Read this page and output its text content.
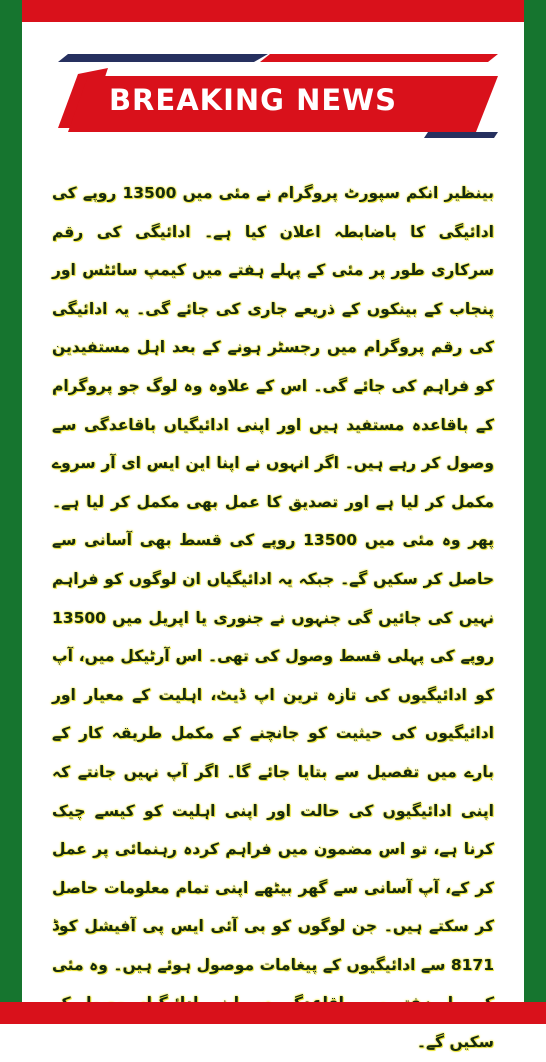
BREAKING NEWS
بینظیر انکم سپورٹ پروگرام نے مئی میں 13500 روپے کی ادائیگی کا باضابطہ اعلان کیا ہے۔ ادائیگی کی رقم سرکاری طور پر مئی کے پہلے ہفتے میں کیمپ سائٹس اور پنجاب کے بینکوں کے ذریعے جاری کی جائے گی۔ یہ ادائیگی کی رقم پروگرام میں رجسٹر ہونے کے بعد اہل مستفیدین کو فراہم کی جائے گی۔ اس کے علاوہ وہ لوگ جو پروگرام کے باقاعدہ مستفید ہیں اور اپنی ادائیگیاں باقاعدگی سے وصول کر رہے ہیں۔ اگر انہوں نے اپنا این ایس ای آر سروے مکمل کر لیا ہے اور تصدیق کا عمل بھی مکمل کر لیا ہے۔ پھر وہ مئی میں 13500 روپے کی قسط بھی آسانی سے حاصل کر سکیں گے۔ جبکہ یہ ادائیگیاں ان لوگوں کو فراہم نہیں کی جائیں گی جنہوں نے جنوری یا اپریل میں 13500 روپے کی پہلی قسط وصول کی تھی۔ اس آرٹیکل میں، آپ کو ادائیگیوں کی تازہ ترین اپ ڈیٹ، اہلیت کے معیار اور ادائیگیوں کی حیثیت کو جانچنے کے مکمل طریقہ کار کے بارے میں تفصیل سے بتایا جائے گا۔ اگر آپ نہیں جانتے کہ اپنی ادائیگیوں کی حالت اور اپنی اہلیت کو کیسے چیک کرنا ہے، تو اس مضمون میں فراہم کردہ رہنمائی پر عمل کر کے، آپ آسانی سے گھر بیٹھے اپنی تمام معلومات حاصل کر سکتے ہیں۔ جن لوگوں کو بی آئی ایس پی آفیشل کوڈ 8171 سے ادائیگیوں کے پیغامات موصول ہوئے ہیں۔ وہ مئی سکیں گے۔
